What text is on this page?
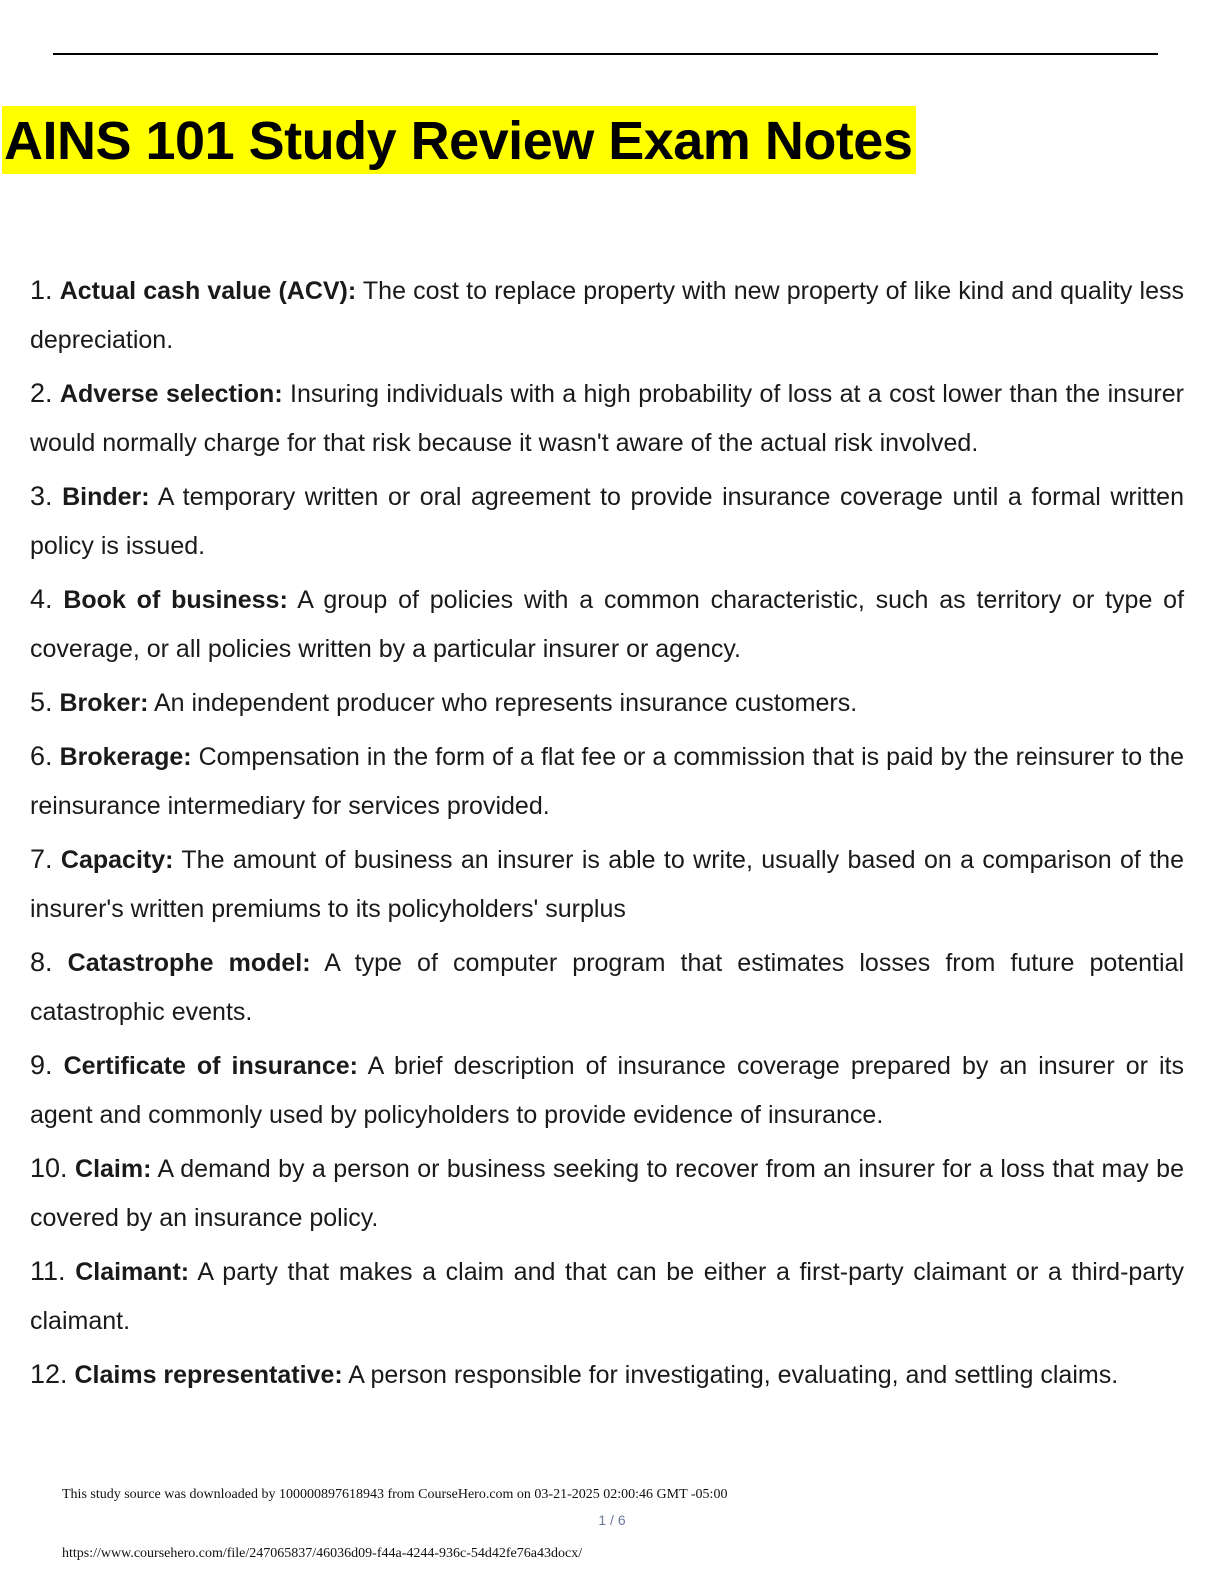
AINS 101 Study Review Exam Notes
1. Actual cash value (ACV): The cost to replace property with new property of like kind and quality less depreciation.
2. Adverse selection: Insuring individuals with a high probability of loss at a cost lower than the insurer would normally charge for that risk because it wasn't aware of the actual risk involved.
3. Binder: A temporary written or oral agreement to provide insurance coverage until a formal written policy is issued.
4. Book of business: A group of policies with a common characteristic, such as territory or type of coverage, or all policies written by a particular insurer or agency.
5. Broker: An independent producer who represents insurance customers.
6. Brokerage: Compensation in the form of a flat fee or a commission that is paid by the reinsurer to the reinsurance intermediary for services provided.
7. Capacity: The amount of business an insurer is able to write, usually based on a comparison of the insurer's written premiums to its policyholders' surplus
8. Catastrophe model: A type of computer program that estimates losses from future potential catastrophic events.
9. Certificate of insurance: A brief description of insurance coverage prepared by an insurer or its agent and commonly used by policyholders to provide evidence of insurance.
10. Claim: A demand by a person or business seeking to recover from an insurer for a loss that may be covered by an insurance policy.
11. Claimant: A party that makes a claim and that can be either a first-party claimant or a third-party claimant.
12. Claims representative: A person responsible for investigating, evaluating, and settling claims.
This study source was downloaded by 100000897618943 from CourseHero.com on 03-21-2025 02:00:46 GMT -05:00
1 / 6
https://www.coursehero.com/file/247065837/46036d09-f44a-4244-936c-54d42fe76a43docx/
